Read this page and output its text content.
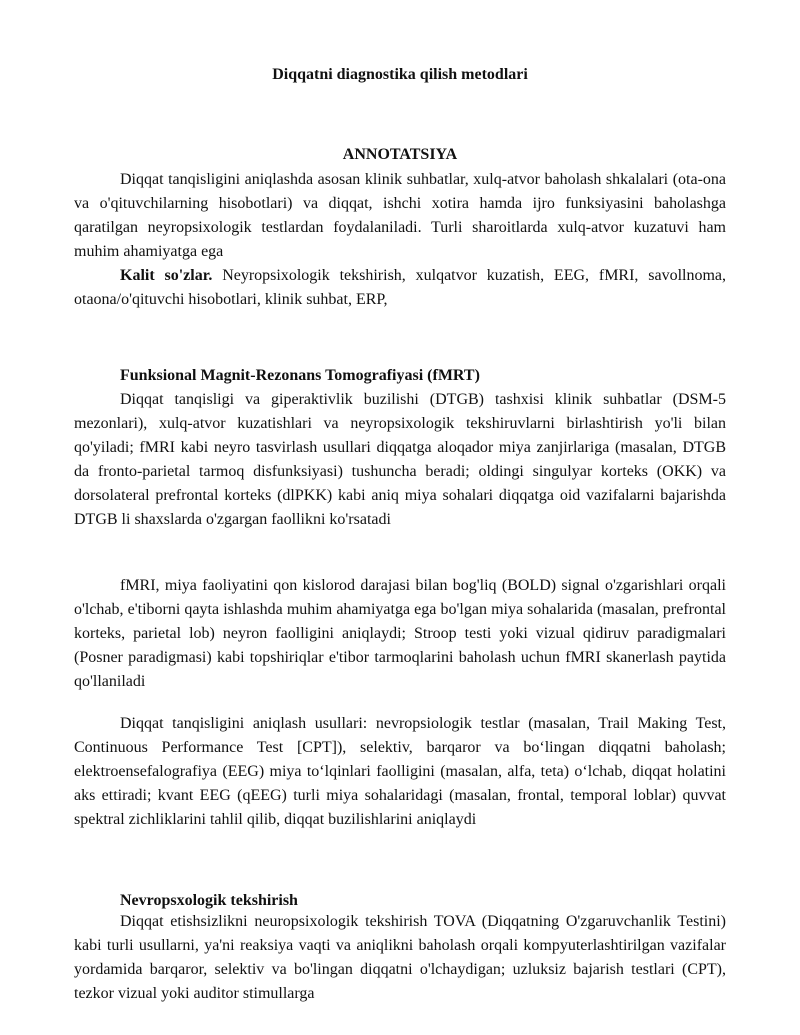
Diqqatni diagnostika qilish metodlari
ANNOTATSIYA

Diqqat tanqisligini aniqlashda asosan klinik suhbatlar, xulq-atvor baholash shkalalari (ota-ona va o'qituvchilarning hisobotlari) va diqqat, ishchi xotira hamda ijro funksiyasini baholashga qaratilgan neyropsixologik testlardan foydalaniladi. Turli sharoitlarda xulq-atvor kuzatuvi ham muhim ahamiyatga ega

Kalit so'zlar. Neyropsixologik tekshirish, xulqatvor kuzatish, EEG, fMRI, savollnoma, otaona/o'qituvchi hisobotlari, klinik suhbat, ERP,

Funksional Magnit-Rezonans Tomografiyasi (fMRT)

Diqqat tanqisligi va giperaktivlik buzilishi (DTGB) tashxisi klinik suhbatlar (DSM-5 mezonlari), xulq-atvor kuzatishlari va neyropsixologik tekshiruvlarni birlashtirish yo'li bilan qo'yiladi; fMRI kabi neyro tasvirlash usullari diqqatga aloqador miya zanjirlariga (masalan, DTGB da fronto-parietal tarmoq disfunksiyasi) tushuncha beradi; oldingi singulyar korteks (OKK) va dorsolateral prefrontal korteks (dlPKK) kabi aniq miya sohalari diqqatga oid vazifalarni bajarishda DTGB li shaxslarda o'zgargan faollikni ko'rsatadi

fMRI, miya faoliyatini qon kislorod darajasi bilan bog'liq (BOLD) signal o'zgarishlari orqali o'lchab, e'tiborni qayta ishlashda muhim ahamiyatga ega bo'lgan miya sohalarida (masalan, prefrontal korteks, parietal lob) neyron faolligini aniqlaydi; Stroop testi yoki vizual qidiruv paradigmalari (Posner paradigmasi) kabi topshiriqlar e'tibor tarmoqlarini baholash uchun fMRI skanerlash paytida qo'llaniladi

Diqqat tanqisligini aniqlash usullari: nevropsiologik testlar (masalan, Trail Making Test, Continuous Performance Test [CPT]), selektiv, barqaror va bo‘lingan diqqatni baholash; elektroensefalografiya (EEG) miya to‘lqinlari faolligini (masalan, alfa, teta) o‘lchab, diqqat holatini aks ettiradi; kvant EEG (qEEG) turli miya sohalaridagi (masalan, frontal, temporal loblar) quvvat spektral zichliklarini tahlil qilib, diqqat buzilishlarini aniqlaydi

Nevropsxologik tekshirish

Diqqat etishsizlikni neuropsixologik tekshirish TOVA (Diqqatning O'zgaruvchanlik Testini) kabi turli usullarni, ya'ni reaksiya vaqti va aniqlikni baholash orqali kompyuterlashtirilgan vazifalar yordamida barqaror, selektiv va bo'lingan diqqatni o'lchaydigan; uzluksiz bajarish testlari (CPT), tezkor vizual yoki auditor stimullarga
